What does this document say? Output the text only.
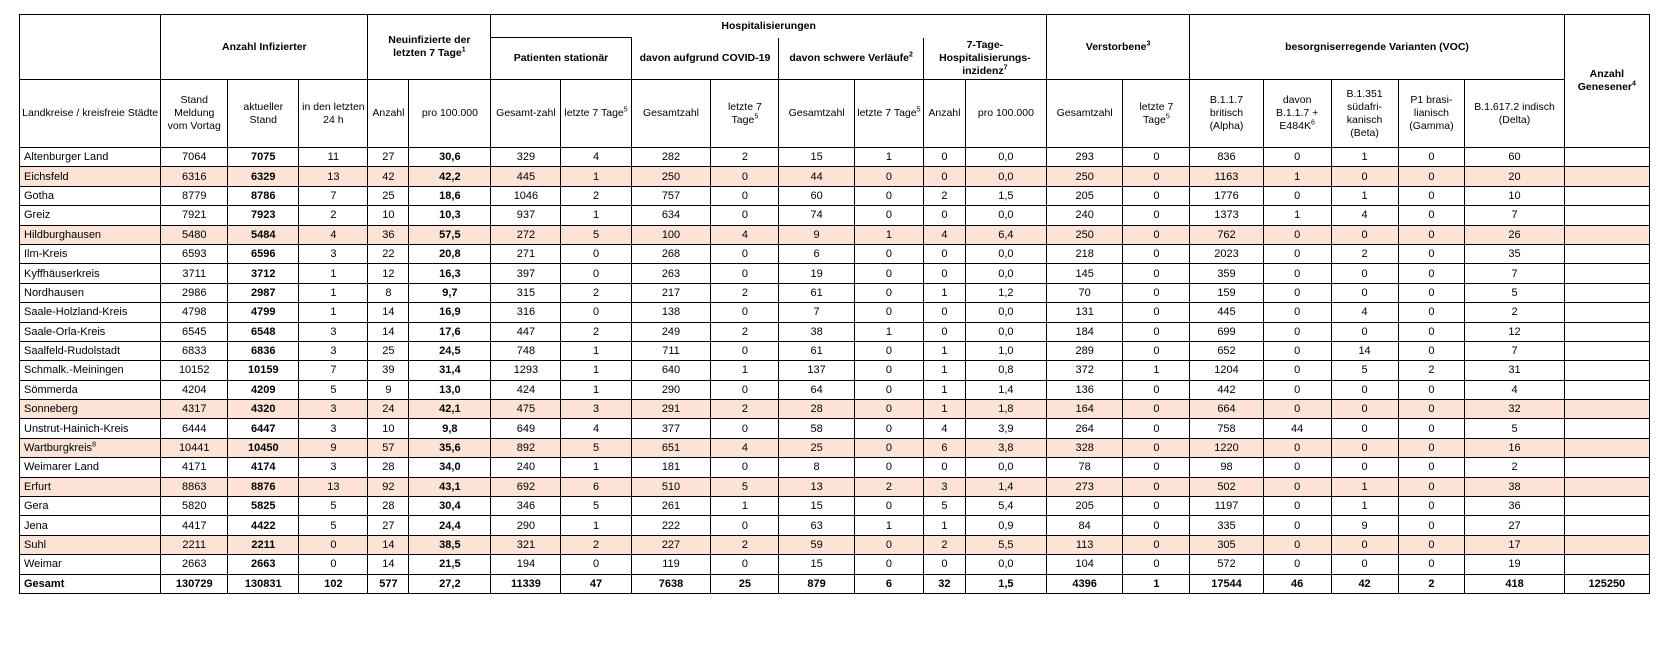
	Anzahl Infizierter			Neuinfizierte der letzten 7 Tage$^1$		Hospitalisierungen								Verstorbene$^3$		besorgniserregende Varianten (VOC)					Anzahl Genesener$^4$
						Patienten stationär		davon aufgrund COVID-19		davon schwere Verläufe$^2$		7-Tage-Hospitalisierungs-inzidenz$^7$
Landkreise / kreisfreie Städte	Stand Meldung vom Vortag	aktueller Stand	in den letzten 24 h	Anzahl	pro 100.000	Gesamt-zahl	letzte 7 Tage$^5$	Gesamtzahl	letzte 7 Tage$^5$	Gesamtzahl	letzte 7 Tage$^5$	Anzahl	pro 100.000	Gesamtzahl	letzte 7 Tage$^5$	B.1.1.7 britisch (Alpha)	davon $B.1.1.7 + E484K^6$	B.1.351 südafri-kanisch (Beta)	P1 brasi-lianisch (Gamma)	B.1.617.2 indisch (Delta)	
Altenburger Land	7064	7075	11	27	30,6	329	4	282	2	15	1	0	0,0	293	0	836	0	1	0	60	
Eichsfeld	6316	6329	13	42	42,2	445	1	250	0	44	0	0	0,0	250	0	1163	1	0	0	20	
Gotha	8779	8786	7	25	18,6	1046	2	757	0	60	0	2	1,5	205	0	1776	0	1	0	10	
Greiz	7921	7923	2	10	10,3	937	1	634	0	74	0	0	0,0	240	0	1373	1	4	0	7	
Hildburghausen	5480	5484	4	36	57,5	272	5	100	4	9	1	4	6,4	250	0	762	0	0	0	26	
Ilm-Kreis	6593	6596	3	22	20,8	271	0	268	0	6	0	0	0,0	218	0	2023	0	2	0	35	
Kyffhäuserkreis	3711	3712	1	12	16,3	397	0	263	0	19	0	0	0,0	145	0	359	0	0	0	7	
Nordhausen	2986	2987	1	8	9,7	315	2	217	2	61	0	1	1,2	70	0	159	0	0	0	5	
Saale-Holzland-Kreis	4798	4799	1	14	16,9	316	0	138	0	7	0	0	0,0	131	0	445	0	4	0	2	
Saale-Orla-Kreis	6545	6548	3	14	17,6	447	2	249	2	38	1	0	0,0	184	0	699	0	0	0	12	
Saalfeld-Rudolstadt	6833	6836	3	25	24,5	748	1	711	0	61	0	1	1,0	289	0	652	0	14	0	7	
Schmalk.-Meiningen	10152	10159	7	39	31,4	1293	1	640	1	137	0	1	0,8	372	1	1204	0	5	2	31	
Sömmerda	4204	4209	5	9	13,0	424	1	290	0	64	0	1	1,4	136	0	442	0	0	0	4	
Sonneberg	4317	4320	3	24	42,1	475	3	291	2	28	0	1	1,8	164	0	664	0	0	0	32	
Unstrut-Hainich-Kreis	6444	6447	3	10	9,8	649	4	377	0	58	0	4	3,9	264	0	758	44	0	0	5	
Wartburgkreis$^8$	10441	10450	9	57	35,6	892	5	651	4	25	0	6	3,8	328	0	1220	0	0	0	16	
Weimarer Land	4171	4174	3	28	34,0	240	1	181	0	8	0	0	0,0	78	0	98	0	0	0	2	
Erfurt	8863	8876	13	92	43,1	692	6	510	5	13	2	3	1,4	273	0	502	0	1	0	38	
Gera	5820	5825	5	28	30,4	346	5	261	1	15	0	5	5,4	205	0	1197	0	1	0	36	
Jena	4417	4422	5	27	24,4	290	1	222	0	63	1	1	0,9	84	0	335	0	9	0	27	
Suhl	2211	2211	0	14	38,5	321	2	227	2	59	0	2	5,5	113	0	305	0	0	0	17	
Weimar	2663	2663	0	14	21,5	194	0	119	0	15	0	0	0,0	104	0	572	0	0	0	19	
Gesamt	130729	130831	102	577	27,2	11339	47	7638	25	879	6	32	1,5	4396	1	17544	46	42	2	418	125250
